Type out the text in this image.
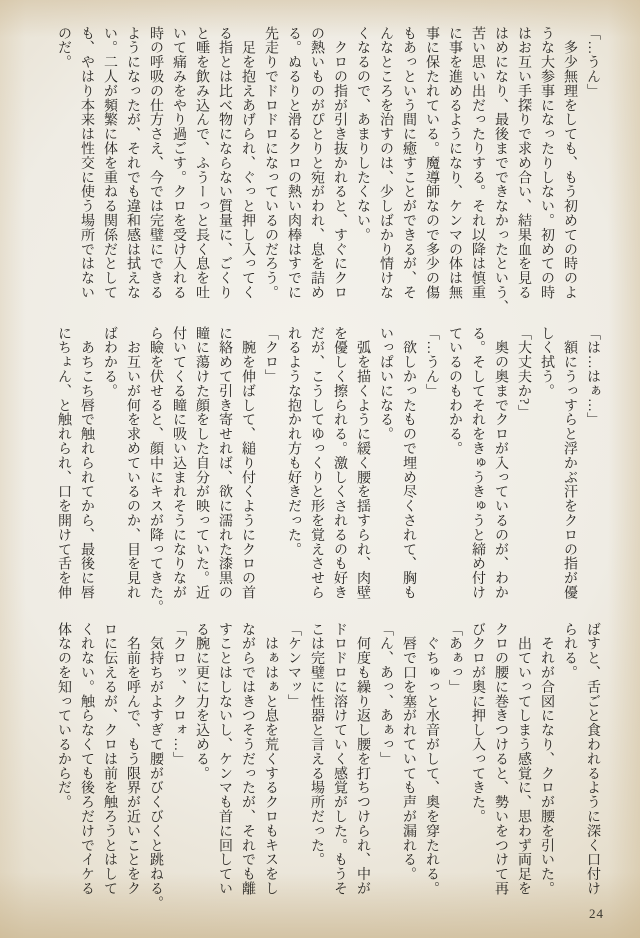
「…うん」
　多少無理をしても、もう初めての時のよ
うな大参事になったりしない。初めての時
はお互い手探りで求め合い、結果血を見る
はめになり、最後までできなかったという、
苦い思い出だったりする。それ以降は慎重
に事を進めるようになり、ケンマの体は無
事に保たれている。魔導師なので多少の傷
もあっという間に癒すことができるが、そ
んなところを治すのは、少しばかり情けな
くなるので、あまりしたくない。
　クロの指が引き抜かれると、すぐにクロ
の熱いものがぴとりと宛がわれ、息を詰め
る。ぬるりと滑るクロの熱い肉棒はすでに
先走りでドロドロになっているのだろう。
　足を抱えあげられ、ぐっと押し入ってく
る指とは比べ物にならない質量に、ごくり
と唾を飲み込んで、ふうーっと長く息を吐
いて痛みをやり過ごす。クロを受け入れる
時の呼吸の仕方さえ、今では完璧にできる
ようになったが、それでも違和感は拭えな
い。二人が頻繁に体を重ねる関係だとして
も、やはり本来は性交に使う場所ではない
のだ。
「は…はぁ…」
　額にうっすらと浮かぶ汗をクロの指が優
しく拭う。
「大丈夫か?」
　奥の奥までクロが入っているのが、わか
る。そしてそれをきゅうきゅうと締め付け
ているのもわかる。
「…うん」
　欲しかったもので埋め尽くされて、胸も
いっぱいになる。
　弧を描くように緩く腰を揺すられ、肉壁
を優しく擦られる。激しくされるのも好き
だが、こうしてゆっくりと形を覚えさせら
れるような抱かれ方も好きだった。
「クロ」
　腕を伸ばして、縋り付くようにクロの首
に絡めて引き寄せれば、欲に濡れた漆黒の
瞳に蕩けた顔をした自分が映っていた。近
付いてくる瞳に吸い込まれそうになりなが
ら瞼を伏せると、顔中にキスが降ってきた。
　お互いが何を求めているのか、目を見れ
ばわかる。
　あちこち唇で触れられてから、最後に唇
にちょん、と触れられ、口を開けて舌を伸
ばすと、舌ごと食われるように深く口付け
られる。
　それが合図になり、クロが腰を引いた。
　出ていってしまう感覚に、思わず両足を
クロの腰に巻きつけると、勢いをつけて再
びクロが奥に押し入ってきた。
「あぁっ」
　ぐちゅっと水音がして、奥を穿たれる。
　唇で口を塞がれていても声が漏れる。
「ん、あっ、あぁっ」
　何度も繰り返し腰を打ちつけられ、中が
ドロドロに溶けていく感覚がした。もうそ
こは完璧に性器と言える場所だった。
「ケンマッ」
　はぁはぁと息を荒くするクロもキスをし
ながらではきつそうだったが、それでも離
すことはしないし、ケンマも首に回してい
る腕に更に力を込める。
「クロッ、クロォ…」
　気持ちがよすぎて腰がびくびくと跳ねる。
　名前を呼んで、もう限界が近いことをク
ロに伝えるが、クロは前を触ろうとはして
くれない。触らなくても後ろだけでイケる
体なのを知っているからだ。
24
